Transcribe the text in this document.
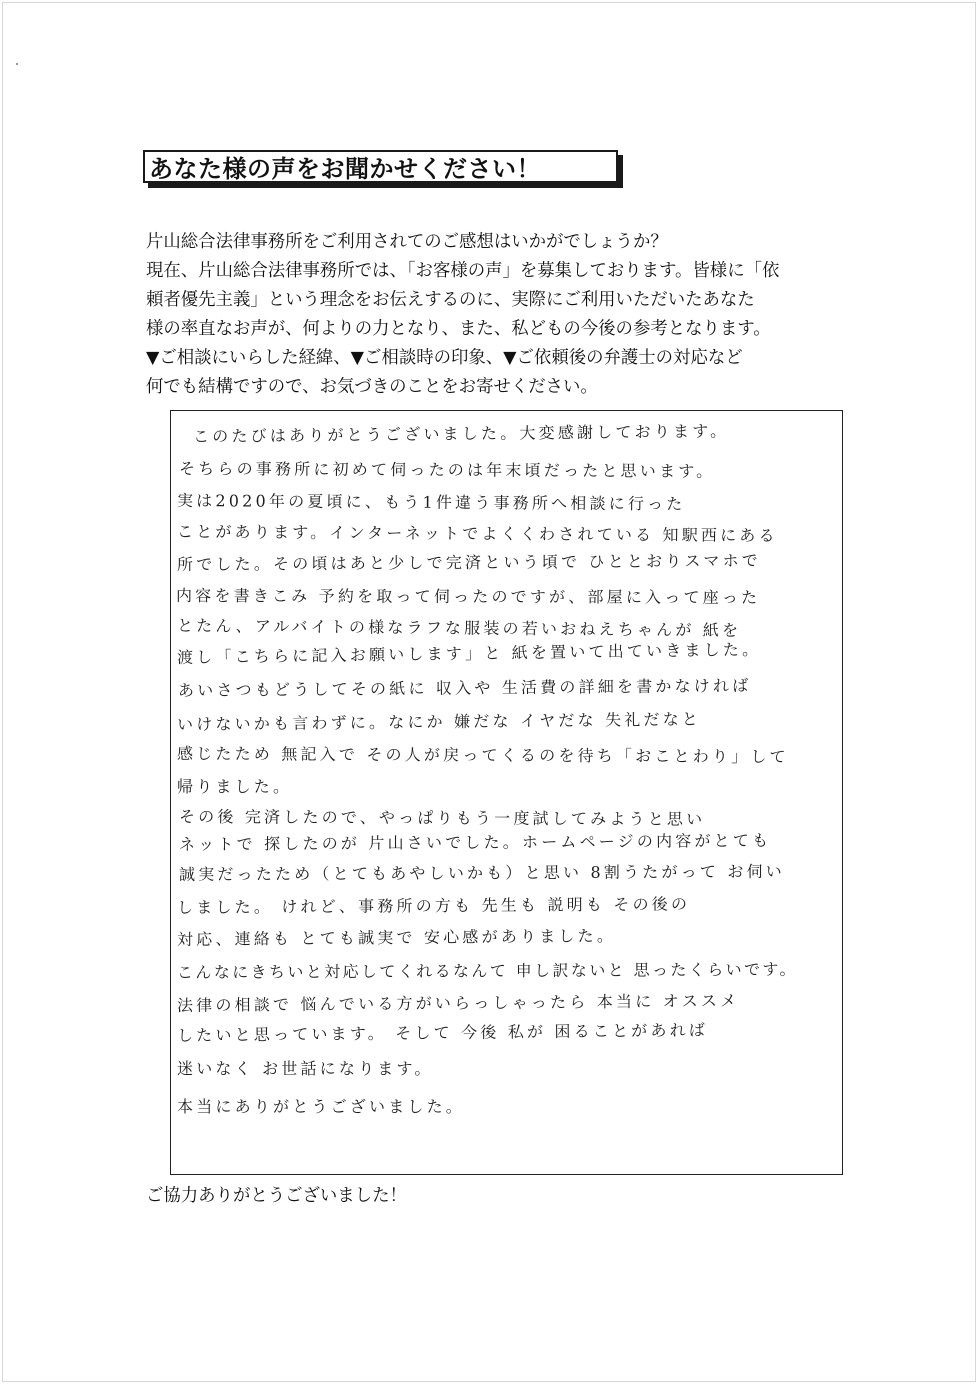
あなた様の声をお聞かせください！
片山総合法律事務所をご利用されてのご感想はいかがでしょうか？
現在、片山総合法律事務所では、「お客様の声」を募集しております。皆様に「依
頼者優先主義」という理念をお伝えするのに、実際にご利用いただいたあなた
様の率直なお声が、何よりの力となり、また、私どもの今後の参考となります。
▼ご相談にいらした経緯、▼ご相談時の印象、▼ご依頼後の弁護士の対応など
何でも結構ですので、お気づきのことをお寄せください。
このたびはありがとうございました。大変感謝しております。
そちらの事務所に初めて伺ったのは年末頃だったと思います。
実は2020年の夏頃に、もう1件違う事務所へ相談に行った
ことがあります。インターネットでよくくわされている 知駅西にある
所でした。その頃はあと少しで完済という頃で ひととおりスマホで
内容を書きこみ 予約を取って伺ったのですが、部屋に入って座った
とたん、アルバイトの様なラフな服装の若いおねえちゃんが 紙を
渡し「こちらに記入お願いします」と 紙を置いて出ていきました。
あいさつもどうしてその紙に 収入や 生活費の詳細を書かなければ
いけないかも言わずに。なにか 嫌だな イヤだな 失礼だなと
感じたため 無記入で その人が戻ってくるのを待ち「おことわり」して
帰りました。
その後 完済したので、やっぱりもう一度試してみようと思い
ネットで 探したのが 片山さいでした。ホームページの内容がとても
誠実だったため（とてもあやしいかも）と思い 8割うたがって お伺い
しました。 けれど、事務所の方も 先生も 説明も その後の
対応、連絡も とても誠実で 安心感がありました。
こんなにきちいと対応してくれるなんて 申し訳ないと 思ったくらいです。
法律の相談で 悩んでいる方がいらっしゃったら 本当に オススメ
したいと思っています。 そして 今後 私が 困ることがあれば
迷いなく お世話になります。
本当にありがとうございました。
ご協力ありがとうございました！
